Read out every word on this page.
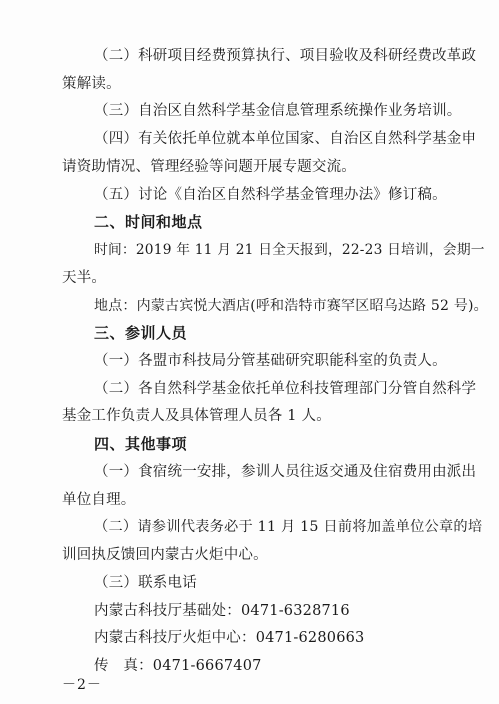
（二）科研项目经费预算执行、项目验收及科研经费改革政
策解读。
（三）自治区自然科学基金信息管理系统操作业务培训。
（四）有关依托单位就本单位国家、自治区自然科学基金申
请资助情况、管理经验等问题开展专题交流。
（五）讨论《自治区自然科学基金管理办法》修订稿。
二、时间和地点
时间：2019 年 11 月 21 日全天报到，22-23 日培训，会期一
天半。
地点：内蒙古宾悦大酒店(呼和浩特市赛罕区昭乌达路 52 号)。
三、参训人员
（一）各盟市科技局分管基础研究职能科室的负责人。
（二）各自然科学基金依托单位科技管理部门分管自然科学
基金工作负责人及具体管理人员各 1 人。
四、其他事项
（一）食宿统一安排，参训人员往返交通及住宿费用由派出
单位自理。
（二）请参训代表务必于 11 月 15 日前将加盖单位公章的培
训回执反馈回内蒙古火炬中心。
（三）联系电话
内蒙古科技厅基础处：0471-6328716
内蒙古科技厅火炬中心：0471-6280663
传　真：0471-6667407
－2－
